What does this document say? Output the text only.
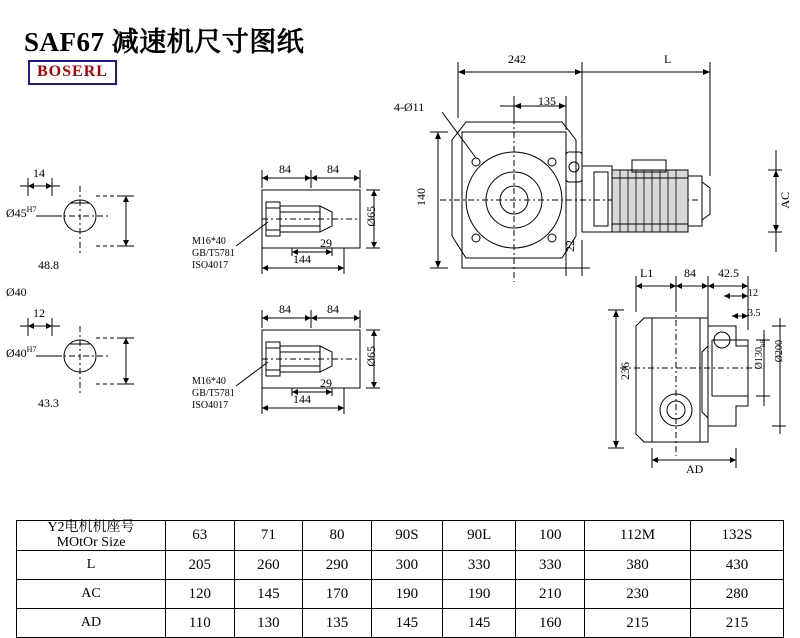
SAF67 减速机尺寸图纸
BOSERL
14
$Ø45^{H7}$
48.8
Ø40
12
$Ø40^{H7}$
43.3
84	84
29
144
Ø65
M16*40
GB/T5781
ISO4017
84	84
29
144
Ø65
M16*40
GB/T5781
ISO4017
242	L
135
4-Ø11
140
22
AC
L1	84 42.5
12
3.5
236
$Ø130_{h6}$ Ø200
AD
Y2电机机座号
MOtOr Size	63	71	80	90S	90L	100	112M	132S
L	205	260	290	300	330	330	380	430
AC	120	145	170	190	190	210	230	280
AD	110	130	135	145	145	160	215	215
